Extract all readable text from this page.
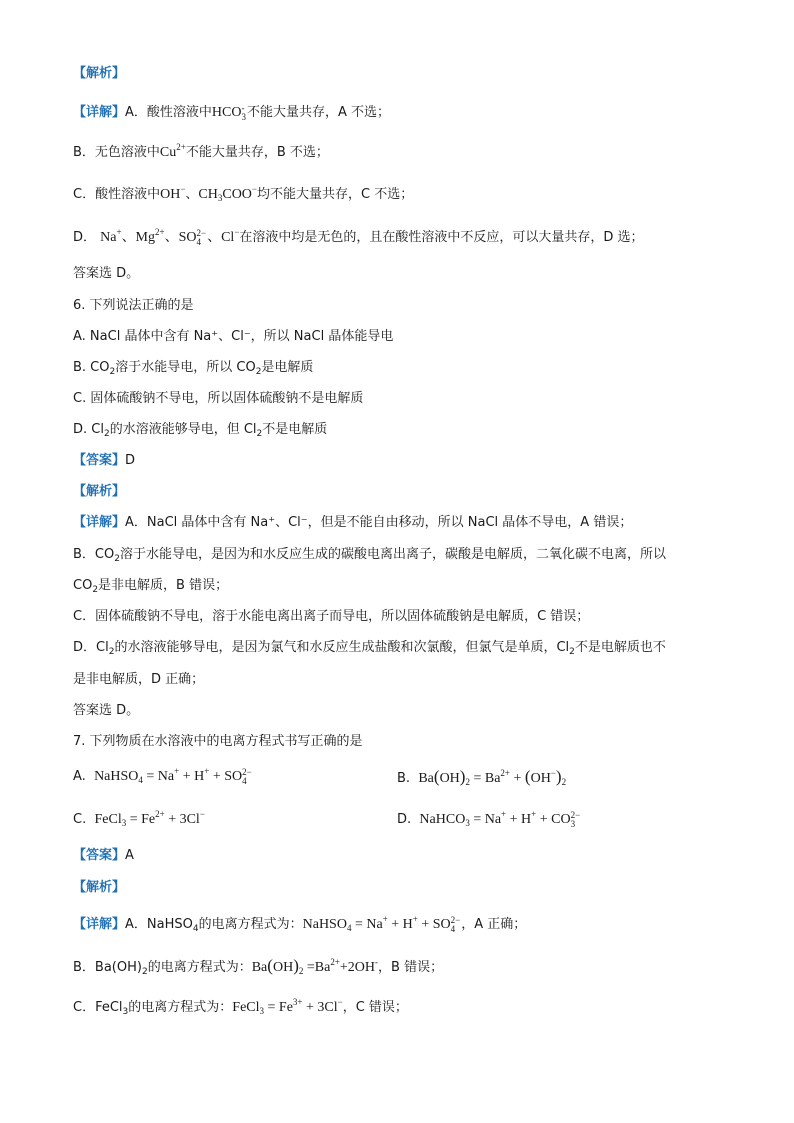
【解析】
【详解】A．酸性溶液中HCO -
3 不能大量共存，A 不选；
B．无色溶液中$Cu^{2+}$不能大量共存，B 不选；
C．酸性溶液中OH−、$CH_3COO^-$均不能大量共存，C 不选；
D． Na+、$Mg^{2+}$、SO 2−
4 、Cl−在溶液中均是无色的，且在酸性溶液中不反应，可以大量共存，D 选；
答案选 D。
6. 下列说法正确的是
A. NaCl 晶体中含有 Na⁺、Cl⁻，所以 NaCl 晶体能导电
B. $CO_2$溶于水能导电，所以 $CO_2$是电解质
C. 固体硫酸钠不导电，所以固体硫酸钠不是电解质
D. $Cl_2$的水溶液能够导电，但 $Cl_2$不是电解质
【答案】D
【解析】
【详解】A．NaCl 晶体中含有 Na⁺、Cl⁻，但是不能自由移动，所以 NaCl 晶体不导电，A 错误；
B．$CO_2$溶于水能导电，是因为和水反应生成的碳酸电离出离子，碳酸是电解质，二氧化碳不电离，所以
$CO_2$是非电解质，B 错误；
C．固体硫酸钠不导电，溶于水能电离出离子而导电，所以固体硫酸钠是电解质，C 错误；
D．$Cl_2$的水溶液能够导电，是因为氯气和水反应生成盐酸和次氯酸，但氯气是单质，$Cl_2$不是电解质也不
是非电解质，D 正确；
答案选 D。
7. 下列物质在水溶液中的电离方程式书写正确的是
A. NaHSO$_4$ = Na+ + H+ + SO 2−
4	B. $Ba(OH)_2 = Ba^{2+} + (OH^-)_2$
C. FeCl$_3$ = $Fe^{2+} + 3Cl^-$	D. NaHCO$_3$ = Na+ + H+ + CO 2−
3
【答案】A
【解析】
【详解】A．NaHSO$_4$的电离方程式为：NaHSO$_4$ = Na+ + H+ + SO 2−
4 ，A 正确；
B．$Ba(OH)_2$的电离方程式为：$Ba(OH)_2 =Ba^{2+}+2OH^-$，B 错误；
C．FeCl$_3$的电离方程式为：FeCl$_3$ = $Fe^{3+} + 3Cl^-$，C 错误；
